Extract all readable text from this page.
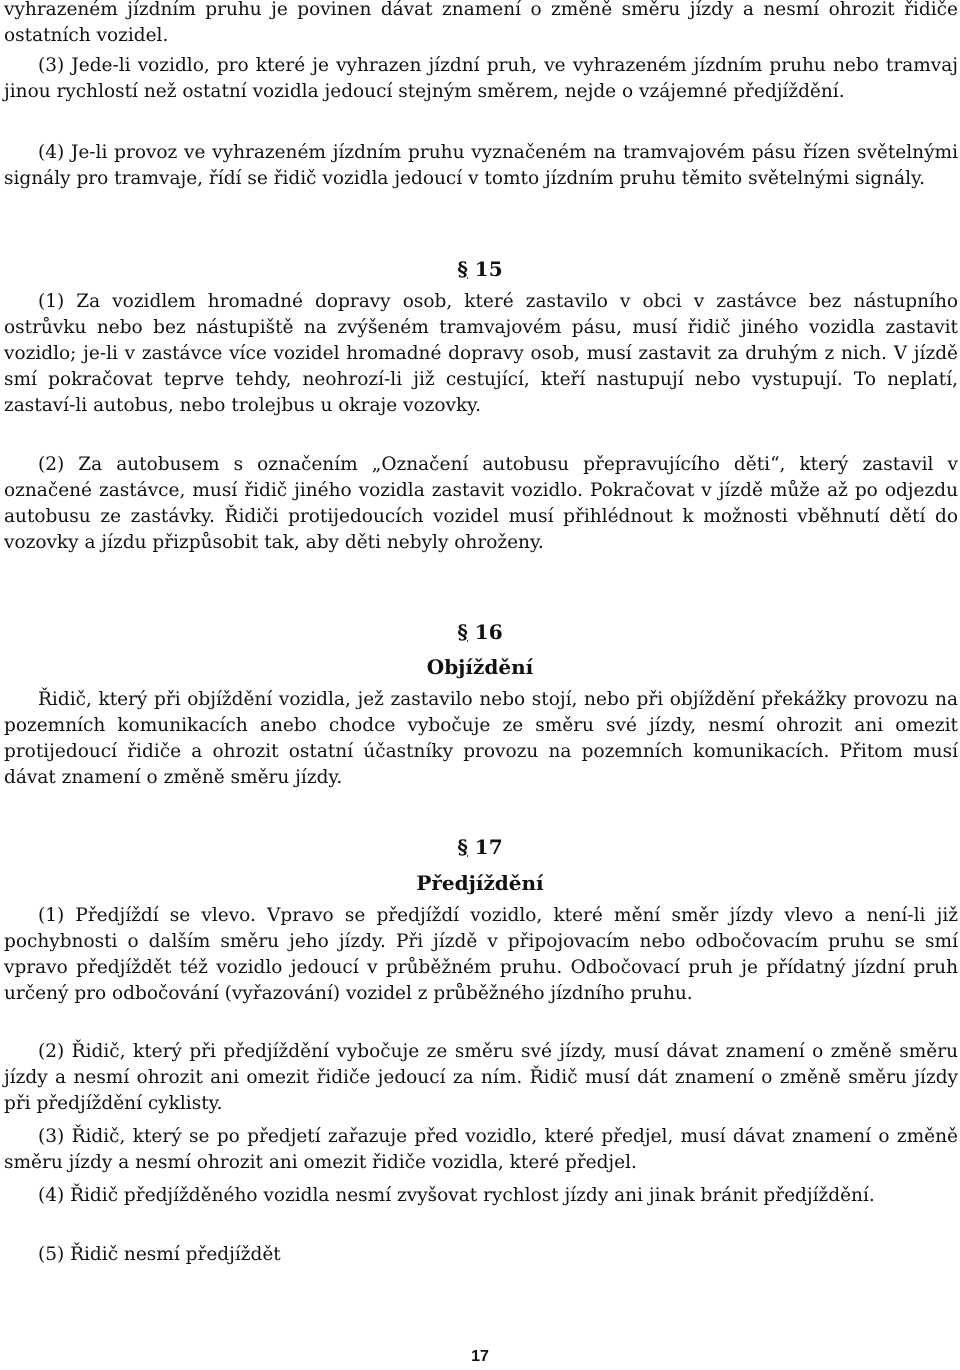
vyhrazeném jízdním pruhu je povinen dávat znamení o změně směru jízdy a nesmí ohrozit řidiče ostatních vozidel.

(3) Jede-li vozidlo, pro které je vyhrazen jízdní pruh, ve vyhrazeném jízdním pruhu nebo tramvaj jinou rychlostí než ostatní vozidla jedoucí stejným směrem, nejde o vzájemné předjíždění.

(4) Je-li provoz ve vyhrazeném jízdním pruhu vyznačeném na tramvajovém pásu řízen světelnými signály pro tramvaje, řídí se řidič vozidla jedoucí v tomto jízdním pruhu těmito světelnými signály.

§ 15

(1) Za vozidlem hromadné dopravy osob, které zastavilo v obci v zastávce bez nástupního ostrůvku nebo bez nástupiště na zvýšeném tramvajovém pásu, musí řidič jiného vozidla zastavit vozidlo; je-li v zastávce více vozidel hromadné dopravy osob, musí zastavit za druhým z nich. V jízdě smí pokračovat teprve tehdy, neohrozí-li již cestující, kteří nastupují nebo vystupují. To neplatí, zastaví-li autobus, nebo trolejbus u okraje vozovky.

(2) Za autobusem s označením „Označení autobusu přepravujícího děti“, který zastavil v označené zastávce, musí řidič jiného vozidla zastavit vozidlo. Pokračovat v jízdě může až po odjezdu autobusu ze zastávky. Řidiči protijedoucích vozidel musí přihlédnout k možnosti vběhnutí dětí do vozovky a jízdu přizpůsobit tak, aby děti nebyly ohroženy.

§ 16
Objíždění

Řidič, který při objíždění vozidla, jež zastavilo nebo stojí, nebo při objíždění překážky provozu na pozemních komunikacích anebo chodce vybočuje ze směru své jízdy, nesmí ohrozit ani omezit protijedoucí řidiče a ohrozit ostatní účastníky provozu na pozemních komunikacích. Přitom musí dávat znamení o změně směru jízdy.

§ 17
Předjíždění

(1) Předjíždí se vlevo. Vpravo se předjíždí vozidlo, které mění směr jízdy vlevo a není-li již pochybnosti o dalším směru jeho jízdy. Při jízdě v připojovacím nebo odbočovacím pruhu se smí vpravo předjíždět též vozidlo jedoucí v průběžném pruhu. Odbočovací pruh je přídatný jízdní pruh určený pro odbočování (vyřazování) vozidel z průběžného jízdního pruhu.

(2) Řidič, který při předjíždění vybočuje ze směru své jízdy, musí dávat znamení o změně směru jízdy a nesmí ohrozit ani omezit řidiče jedoucí za ním. Řidič musí dát znamení o změně směru jízdy při předjíždění cyklisty.

(3) Řidič, který se po předjetí zařazuje před vozidlo, které předjel, musí dávat znamení o změně směru jízdy a nesmí ohrozit ani omezit řidiče vozidla, které předjel.

(4) Řidič předjížděného vozidla nesmí zvyšovat rychlost jízdy ani jinak bránit předjíždění.

(5) Řidič nesmí předjíždět

17
